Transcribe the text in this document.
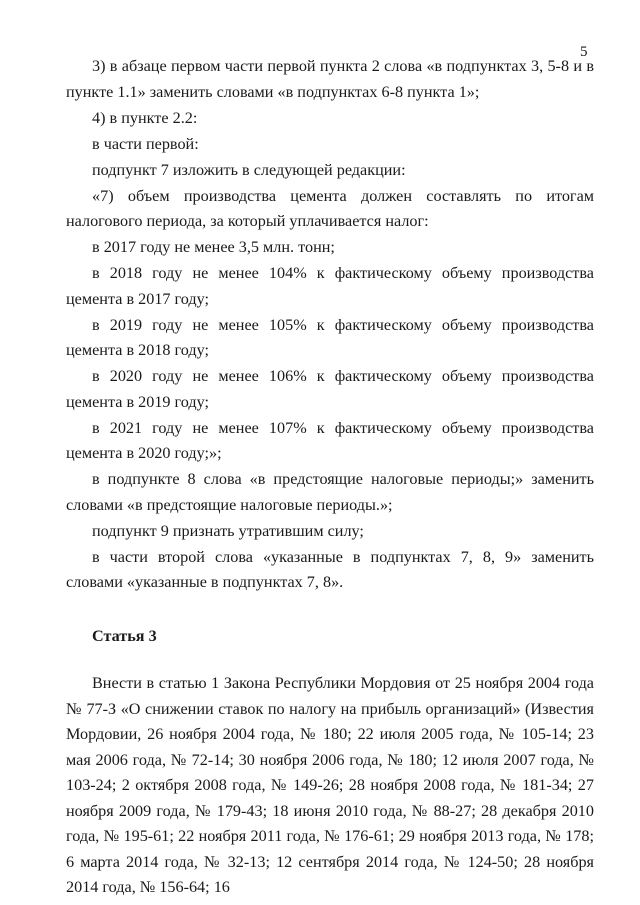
5

3) в абзаце первом части первой пункта 2 слова «в подпунктах 3, 5-8 и в пункте 1.1» заменить словами «в подпунктах 6-8 пункта 1»;

4) в пункте 2.2:

в части первой:

подпункт 7 изложить в следующей редакции:

«7) объем производства цемента должен составлять по итогам налогового периода, за который уплачивается налог:

в 2017 году не менее 3,5 млн. тонн;

в 2018 году не менее 104% к фактическому объему производства цемента в 2017 году;

в 2019 году не менее 105% к фактическому объему производства цемента в 2018 году;

в 2020 году не менее 106% к фактическому объему производства цемента в 2019 году;

в 2021 году не менее 107% к фактическому объему производства цемента в 2020 году;»;

в подпункте 8 слова «в предстоящие налоговые периоды;» заменить словами «в предстоящие налоговые периоды.»;

подпункт 9 признать утратившим силу;

в части второй слова «указанные в подпунктах 7, 8, 9» заменить словами «указанные в подпунктах 7, 8».

Статья 3

Внести в статью 1 Закона Республики Мордовия от 25 ноября 2004 года № 77-З «О снижении ставок по налогу на прибыль организаций» (Известия Мордовии, 26 ноября 2004 года, № 180; 22 июля 2005 года, № 105-14; 23 мая 2006 года, № 72-14; 30 ноября 2006 года, № 180; 12 июля 2007 года, № 103-24; 2 октября 2008 года, № 149-26; 28 ноября 2008 года, № 181-34; 27 ноября 2009 года, № 179-43; 18 июня 2010 года, № 88-27; 28 декабря 2010 года, № 195-61; 22 ноября 2011 года, № 176-61; 29 ноября 2013 года, № 178; 6 марта 2014 года, № 32-13; 12 сентября 2014 года, № 124-50; 28 ноября 2014 года, № 156-64; 16
